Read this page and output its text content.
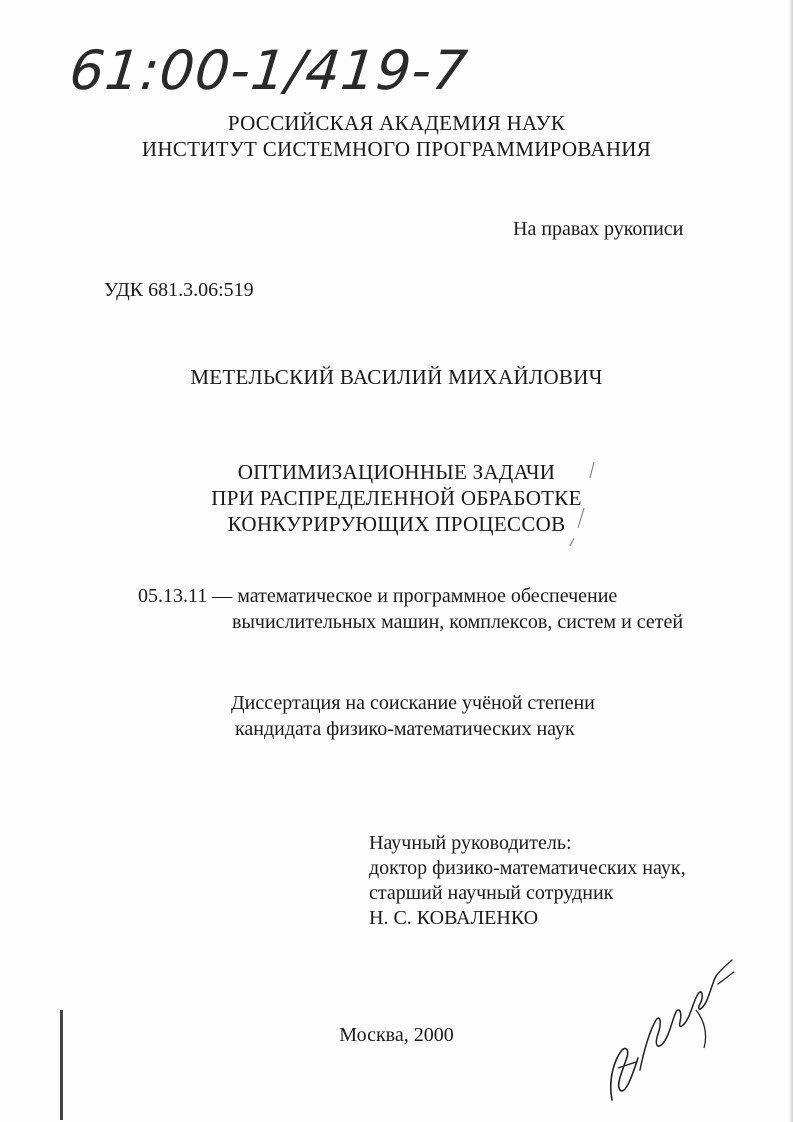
61:00-1/419-7
РОССИЙСКАЯ АКАДЕМИЯ НАУК
ИНСТИТУТ СИСТЕМНОГО ПРОГРАММИРОВАНИЯ
На правах рукописи
УДК 681.3.06:519
МЕТЕЛЬСКИЙ ВАСИЛИЙ МИХАЙЛОВИЧ
ОПТИМИЗАЦИОННЫЕ ЗАДАЧИ
ПРИ РАСПРЕДЕЛЕННОЙ ОБРАБОТКЕ
КОНКУРИРУЮЩИХ ПРОЦЕССОВ
05.13.11 — математическое и программное обеспечение
вычислительных машин, комплексов, систем и сетей
Диссертация на соискание учёной степени
кандидата физико-математических наук
Научный руководитель:
доктор физико-математических наук,
старший научный сотрудник
Н. С. КОВАЛЕНКО
Москва, 2000
